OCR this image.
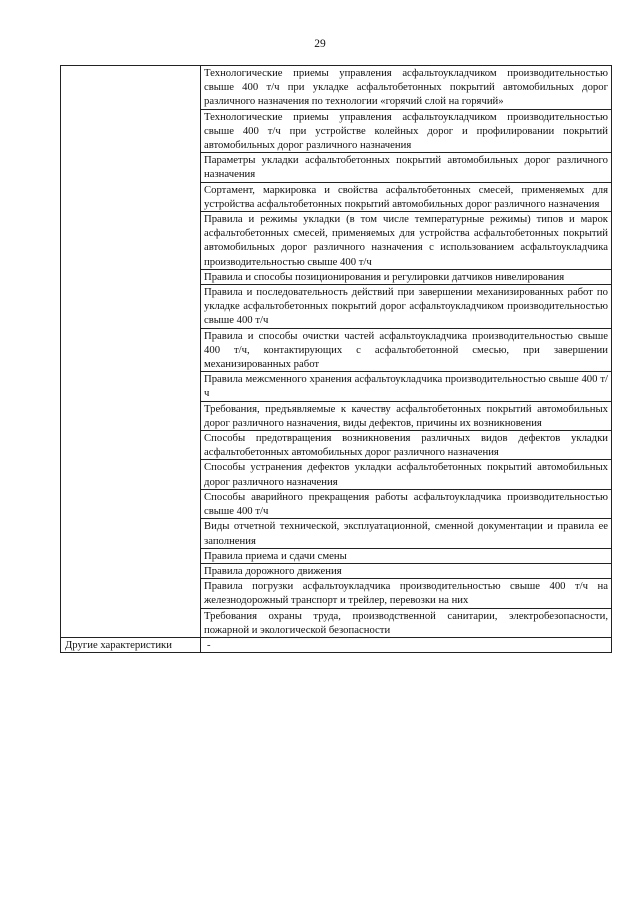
29
	Технологические приемы управления асфальтоукладчиком производительностью свыше 400 т/ч при укладке асфальтобетонных покрытий автомобильных дорог различного назначения по технологии «горячий слой на горячий»
	Технологические приемы управления асфальтоукладчиком производительностью свыше 400 т/ч при устройстве колейных дорог и профилировании покрытий автомобильных дорог различного назначения
	Параметры укладки асфальтобетонных покрытий автомобильных дорог различного назначения
	Сортамент, маркировка и свойства асфальтобетонных смесей, применяемых для устройства асфальтобетонных покрытий автомобильных дорог различного назначения
	Правила и режимы укладки (в том числе температурные режимы) типов и марок асфальтобетонных смесей, применяемых для устройства асфальтобетонных покрытий автомобильных дорог различного назначения с использованием асфальтоукладчика производительностью свыше 400 т/ч
	Правила и способы позиционирования и регулировки датчиков нивелирования
	Правила и последовательность действий при завершении механизированных работ по укладке асфальтобетонных покрытий дорог асфальтоукладчиком производительностью свыше 400 т/ч
	Правила и способы очистки частей асфальтоукладчика производительностью свыше 400 т/ч, контактирующих с асфальтобетонной смесью, при завершении механизированных работ
	Правила межсменного хранения асфальтоукладчика производительностью свыше 400 т/ч
	Требования, предъявляемые к качеству асфальтобетонных покрытий автомобильных дорог различного назначения, виды дефектов, причины их возникновения
	Способы предотвращения возникновения различных видов дефектов укладки асфальтобетонных автомобильных дорог различного назначения
	Способы устранения дефектов укладки асфальтобетонных покрытий автомобильных дорог различного назначения
	Способы аварийного прекращения работы асфальтоукладчика производительностью свыше 400 т/ч
	Виды отчетной технической, эксплуатационной, сменной документации и правила ее заполнения
	Правила приема и сдачи смены
	Правила дорожного движения
	Правила погрузки асфальтоукладчика производительностью свыше 400 т/ч на железнодорожный транспорт и трейлер, перевозки на них
	Требования охраны труда, производственной санитарии, электробезопасности, пожарной и экологической безопасности
Другие характеристики	-
